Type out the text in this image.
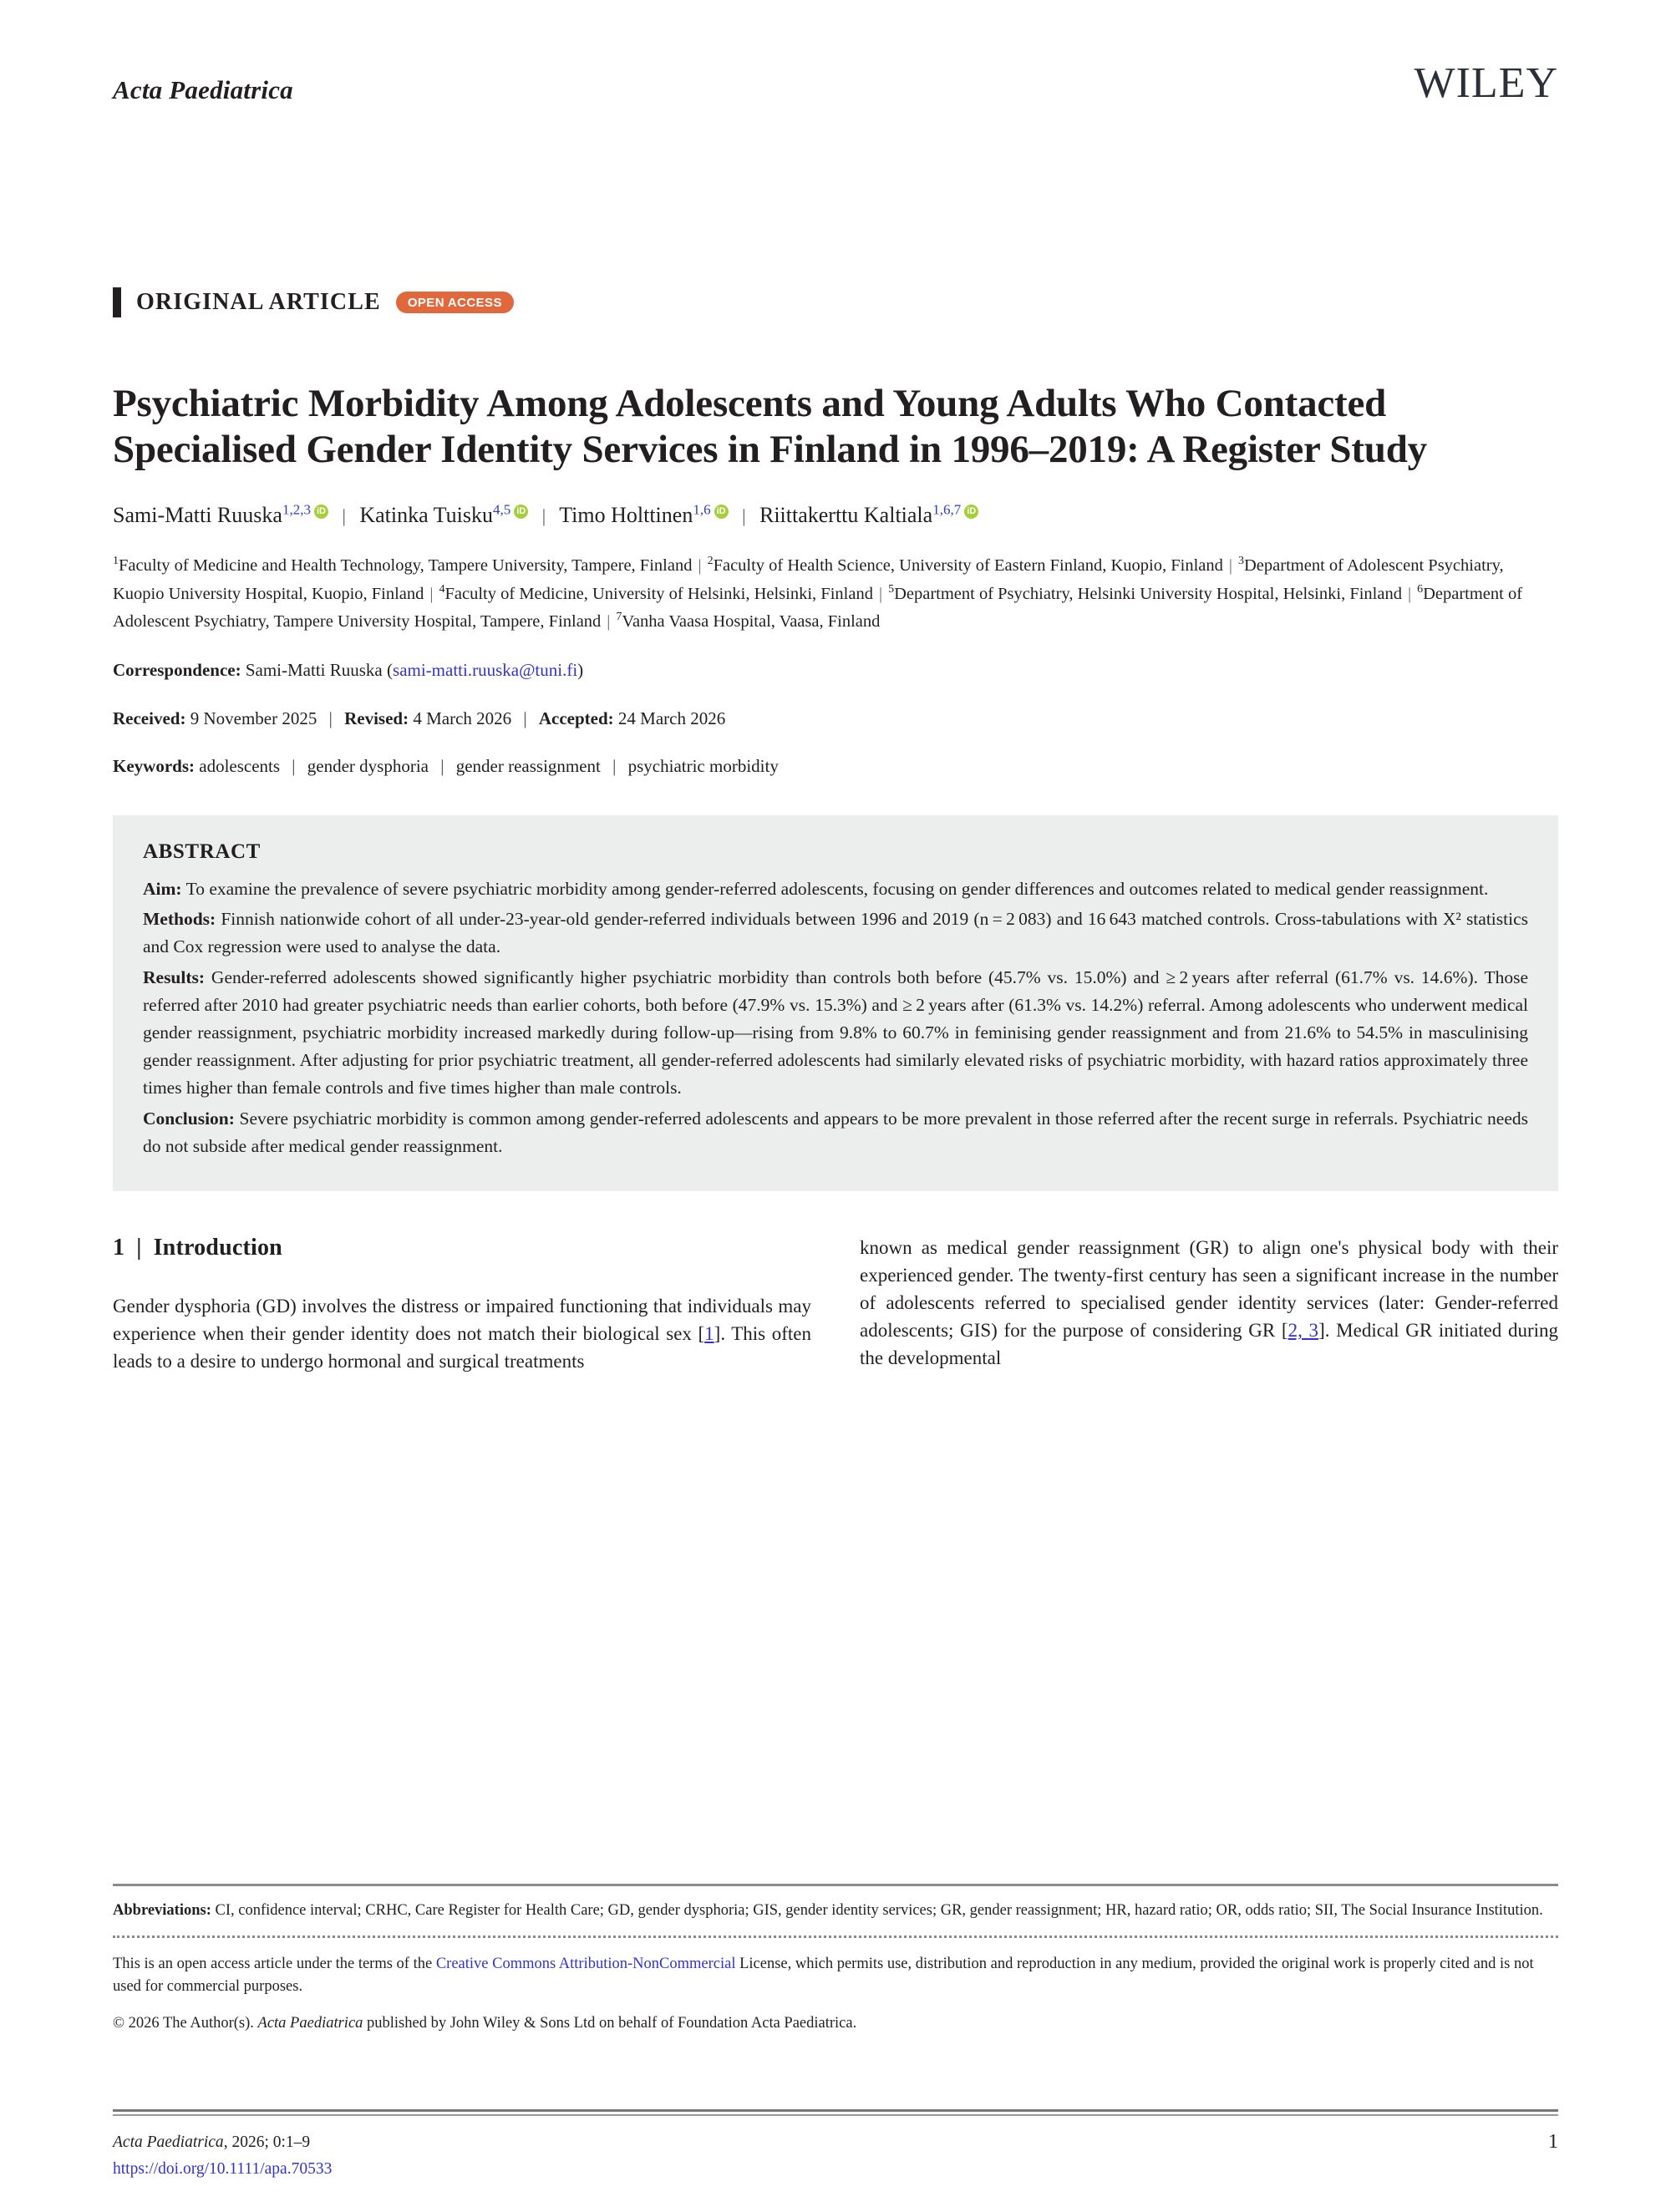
Acta Paediatrica	WILEY
ORIGINAL ARTICLE	OPEN ACCESS
Psychiatric Morbidity Among Adolescents and Young Adults Who Contacted Specialised Gender Identity Services in Finland in 1996–2019: A Register Study
Sami-Matti Ruuska$^{1,2,3}$ iD | Katinka Tuisku$^{4,5}$ iD | Timo Holttinen$^{1,6}$ iD | Riittakerttu Kaltiala$^{1,6,7}$ iD
$^1$Faculty of Medicine and Health Technology, Tampere University, Tampere, Finland | $^2$Faculty of Health Science, University of Eastern Finland, Kuopio, Finland | $^3$Department of Adolescent Psychiatry, Kuopio University Hospital, Kuopio, Finland | $^4$Faculty of Medicine, University of Helsinki, Helsinki, Finland | $^5$Department of Psychiatry, Helsinki University Hospital, Helsinki, Finland | $^6$Department of Adolescent Psychiatry, Tampere University Hospital, Tampere, Finland | $^7$Vanha Vaasa Hospital, Vaasa, Finland
Correspondence: Sami-Matti Ruuska (sami-matti.ruuska@tuni.fi)
Received: 9 November 2025 | Revised: 4 March 2026 | Accepted: 24 March 2026
Keywords: adolescents | gender dysphoria | gender reassignment | psychiatric morbidity
ABSTRACT

Aim: To examine the prevalence of severe psychiatric morbidity among gender-referred adolescents, focusing on gender differences and outcomes related to medical gender reassignment.

Methods: Finnish nationwide cohort of all under-23-year-old gender-referred individuals between 1996 and 2019 (n = 2 083) and 16 643 matched controls. Cross-tabulations with X² statistics and Cox regression were used to analyse the data.

Results: Gender-referred adolescents showed significantly higher psychiatric morbidity than controls both before (45.7% vs. 15.0%) and ≥ 2 years after referral (61.7% vs. 14.6%). Those referred after 2010 had greater psychiatric needs than earlier cohorts, both before (47.9% vs. 15.3%) and ≥ 2 years after (61.3% vs. 14.2%) referral. Among adolescents who underwent medical gender reassignment, psychiatric morbidity increased markedly during follow-up—rising from 9.8% to 60.7% in feminising gender reassignment and from 21.6% to 54.5% in masculinising gender reassignment. After adjusting for prior psychiatric treatment, all gender-referred adolescents had similarly elevated risks of psychiatric morbidity, with hazard ratios approximately three times higher than female controls and five times higher than male controls.

Conclusion: Severe psychiatric morbidity is common among gender-referred adolescents and appears to be more prevalent in those referred after the recent surge in referrals. Psychiatric needs do not subside after medical gender reassignment.

1 | Introduction

Gender dysphoria (GD) involves the distress or impaired functioning that individuals may experience when their gender identity does not match their biological sex [1]. This often leads to a desire to undergo hormonal and surgical treatments

known as medical gender reassignment (GR) to align one's physical body with their experienced gender. The twenty-first century has seen a significant increase in the number of adolescents referred to specialised gender identity services (later: Gender-referred adolescents; GIS) for the purpose of considering GR [2, 3]. Medical GR initiated during the developmental

Abbreviations: CI, confidence interval; CRHC, Care Register for Health Care; GD, gender dysphoria; GIS, gender identity services; GR, gender reassignment; HR, hazard ratio; OR, odds ratio; SII, The Social Insurance Institution.
This is an open access article under the terms of the Creative Commons Attribution-NonCommercial License, which permits use, distribution and reproduction in any medium, provided the original work is properly cited and is not used for commercial purposes.
© 2026 The Author(s). Acta Paediatrica published by John Wiley & Sons Ltd on behalf of Foundation Acta Paediatrica.
Acta Paediatrica, 2026; 0:1–9
https://doi.org/10.1111/apa.70533
1
